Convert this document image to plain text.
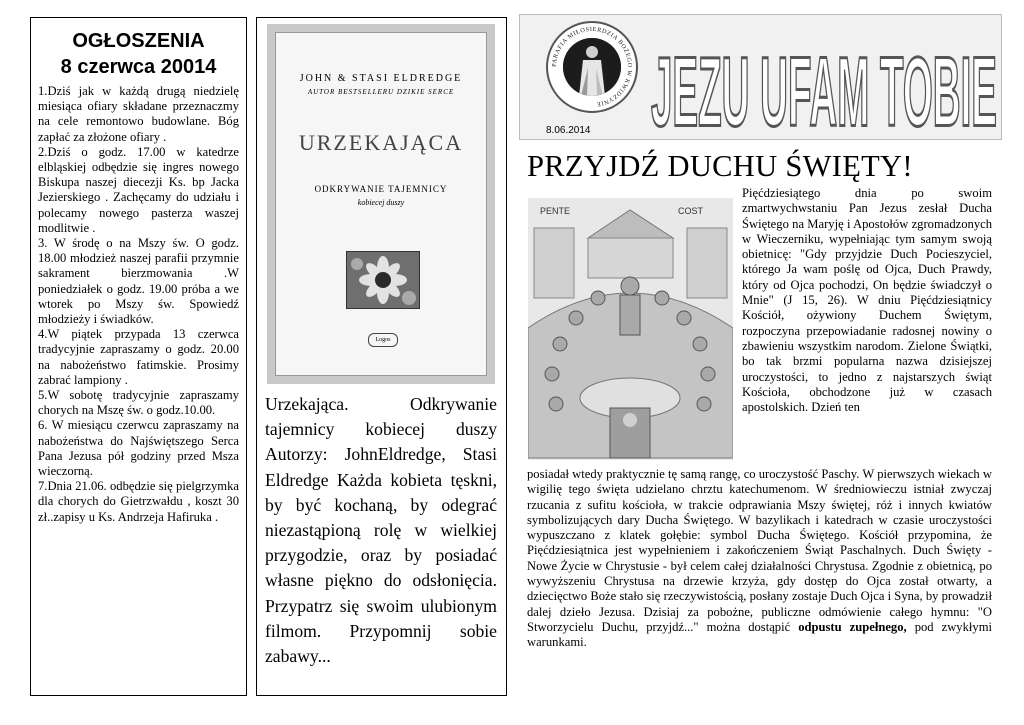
OGŁOSZENIA
8 czerwca 20014

1.Dziś jak w każdą drugą niedzielę miesiąca ofiary składane przeznaczmy na cele remontowo budowlane. Bóg zapłać za złożone ofiary .

2.Dziś o godz. 17.00 w katedrze elbląskiej odbędzie się ingres nowego Biskupa naszej diecezji Ks. bp Jacka Jezierskiego . Zachęcamy do udziału i polecamy nowego pasterza waszej modlitwie .

3. W środę o na Mszy św. O godz. 18.00 młodzież naszej parafii przymnie sakrament bierzmowania .W poniedziałek o godz. 19.00 próba a we wtorek po Mszy św. Spowiedź młodzieży i świadków.

4.W piątek przypada 13 czerwca tradycyjnie zapraszamy o godz. 20.00 na nabożeństwo fatimskie. Prosimy zabrać lampiony .

5.W sobotę tradycyjnie zapraszamy chorych na Mszę św. o godz.10.00.

6. W miesiącu czerwcu zapraszamy na nabożeństwa do Najświętszego Serca Pana Jezusa pół godziny przed Msza wieczorną.

7.Dnia 21.06. odbędzie się pielgrzymka dla chorych do Gietrzwałdu , koszt 30 zł..zapisy u Ks. Andrzeja Hafiruka .

JOHN & STASI ELDREDGE
AUTOR BESTSELLERU DZIKIE SERCE
URZEKAJĄCA
ODKRYWANIE TAJEMNICY
kobiecej duszy
Logos
Urzekająca. Odkrywanie tajemnicy kobiecej duszy Autorzy: JohnEldredge, Stasi Eldredge Każda kobieta tęskni, by być kochaną, by odegrać niezastąpioną rolę w wielkiej przygodzie, oraz by posiadać własne piękno do odsłonięcia. Przypatrz się swoim ulubionym filmom. Przypomnij sobie zabawy...
PARAFIA MIŁOSIERDZIA BOŻEGO W KWIDZYNIE
8.06.2014 JEZU UFAM TOBIE
PRZYJDŹ DUCHU ŚWIĘTY!
PENTE	COST

Pięćdziesiątego dnia po swoim zmartwychwstaniu Pan Jezus zesłał Ducha Świętego na Maryję i Apostołów zgromadzonych w Wieczerniku, wypełniając tym samym swoją obietnicę: "Gdy przyjdzie Duch Pocieszyciel, którego Ja wam poślę od Ojca, Duch Prawdy, który od Ojca pochodzi, On będzie świadczył o Mnie" (J 15, 26). W dniu Pięćdziesiątnicy Kościół, ożywiony Duchem Świętym, rozpoczyna przepowiadanie radosnej nowiny o zbawieniu wszystkim narodom. Zielone Świątki, bo tak brzmi popularna nazwa dzisiejszej uroczystości, to jedno z najstarszych świąt Kościoła, obchodzone już w czasach apostolskich. Dzień ten

posiadał wtedy praktycznie tę samą rangę, co uroczystość Paschy. W pierwszych wiekach w wigilię tego święta udzielano chrztu katechumenom. W średniowieczu istniał zwyczaj rzucania z sufitu kościoła, w trakcie odprawiania Mszy świętej, róż i innych kwiatów symbolizujących dary Ducha Świętego. W bazylikach i katedrach w czasie uroczystości wypuszczano z klatek gołębie: symbol Ducha Świętego. Kościół przypomina, że Pięćdziesiątnica jest wypełnieniem i zakończeniem Świąt Paschalnych. Duch Święty - Nowe Życie w Chrystusie - był celem całej działalności Chrystusa. Zgodnie z obietnicą, po wywyższeniu Chrystusa na drzewie krzyża, gdy dostęp do Ojca został otwarty, a dziecięctwo Boże stało się rzeczywistością, posłany zostaje Duch Ojca i Syna, by prowadził dalej dzieło Jezusa. Dzisiaj za pobożne, publiczne odmówienie całego hymnu: "O Stworzycielu Duchu, przyjdź..." można dostąpić odpustu zupełnego, pod zwykłymi warunkami.
